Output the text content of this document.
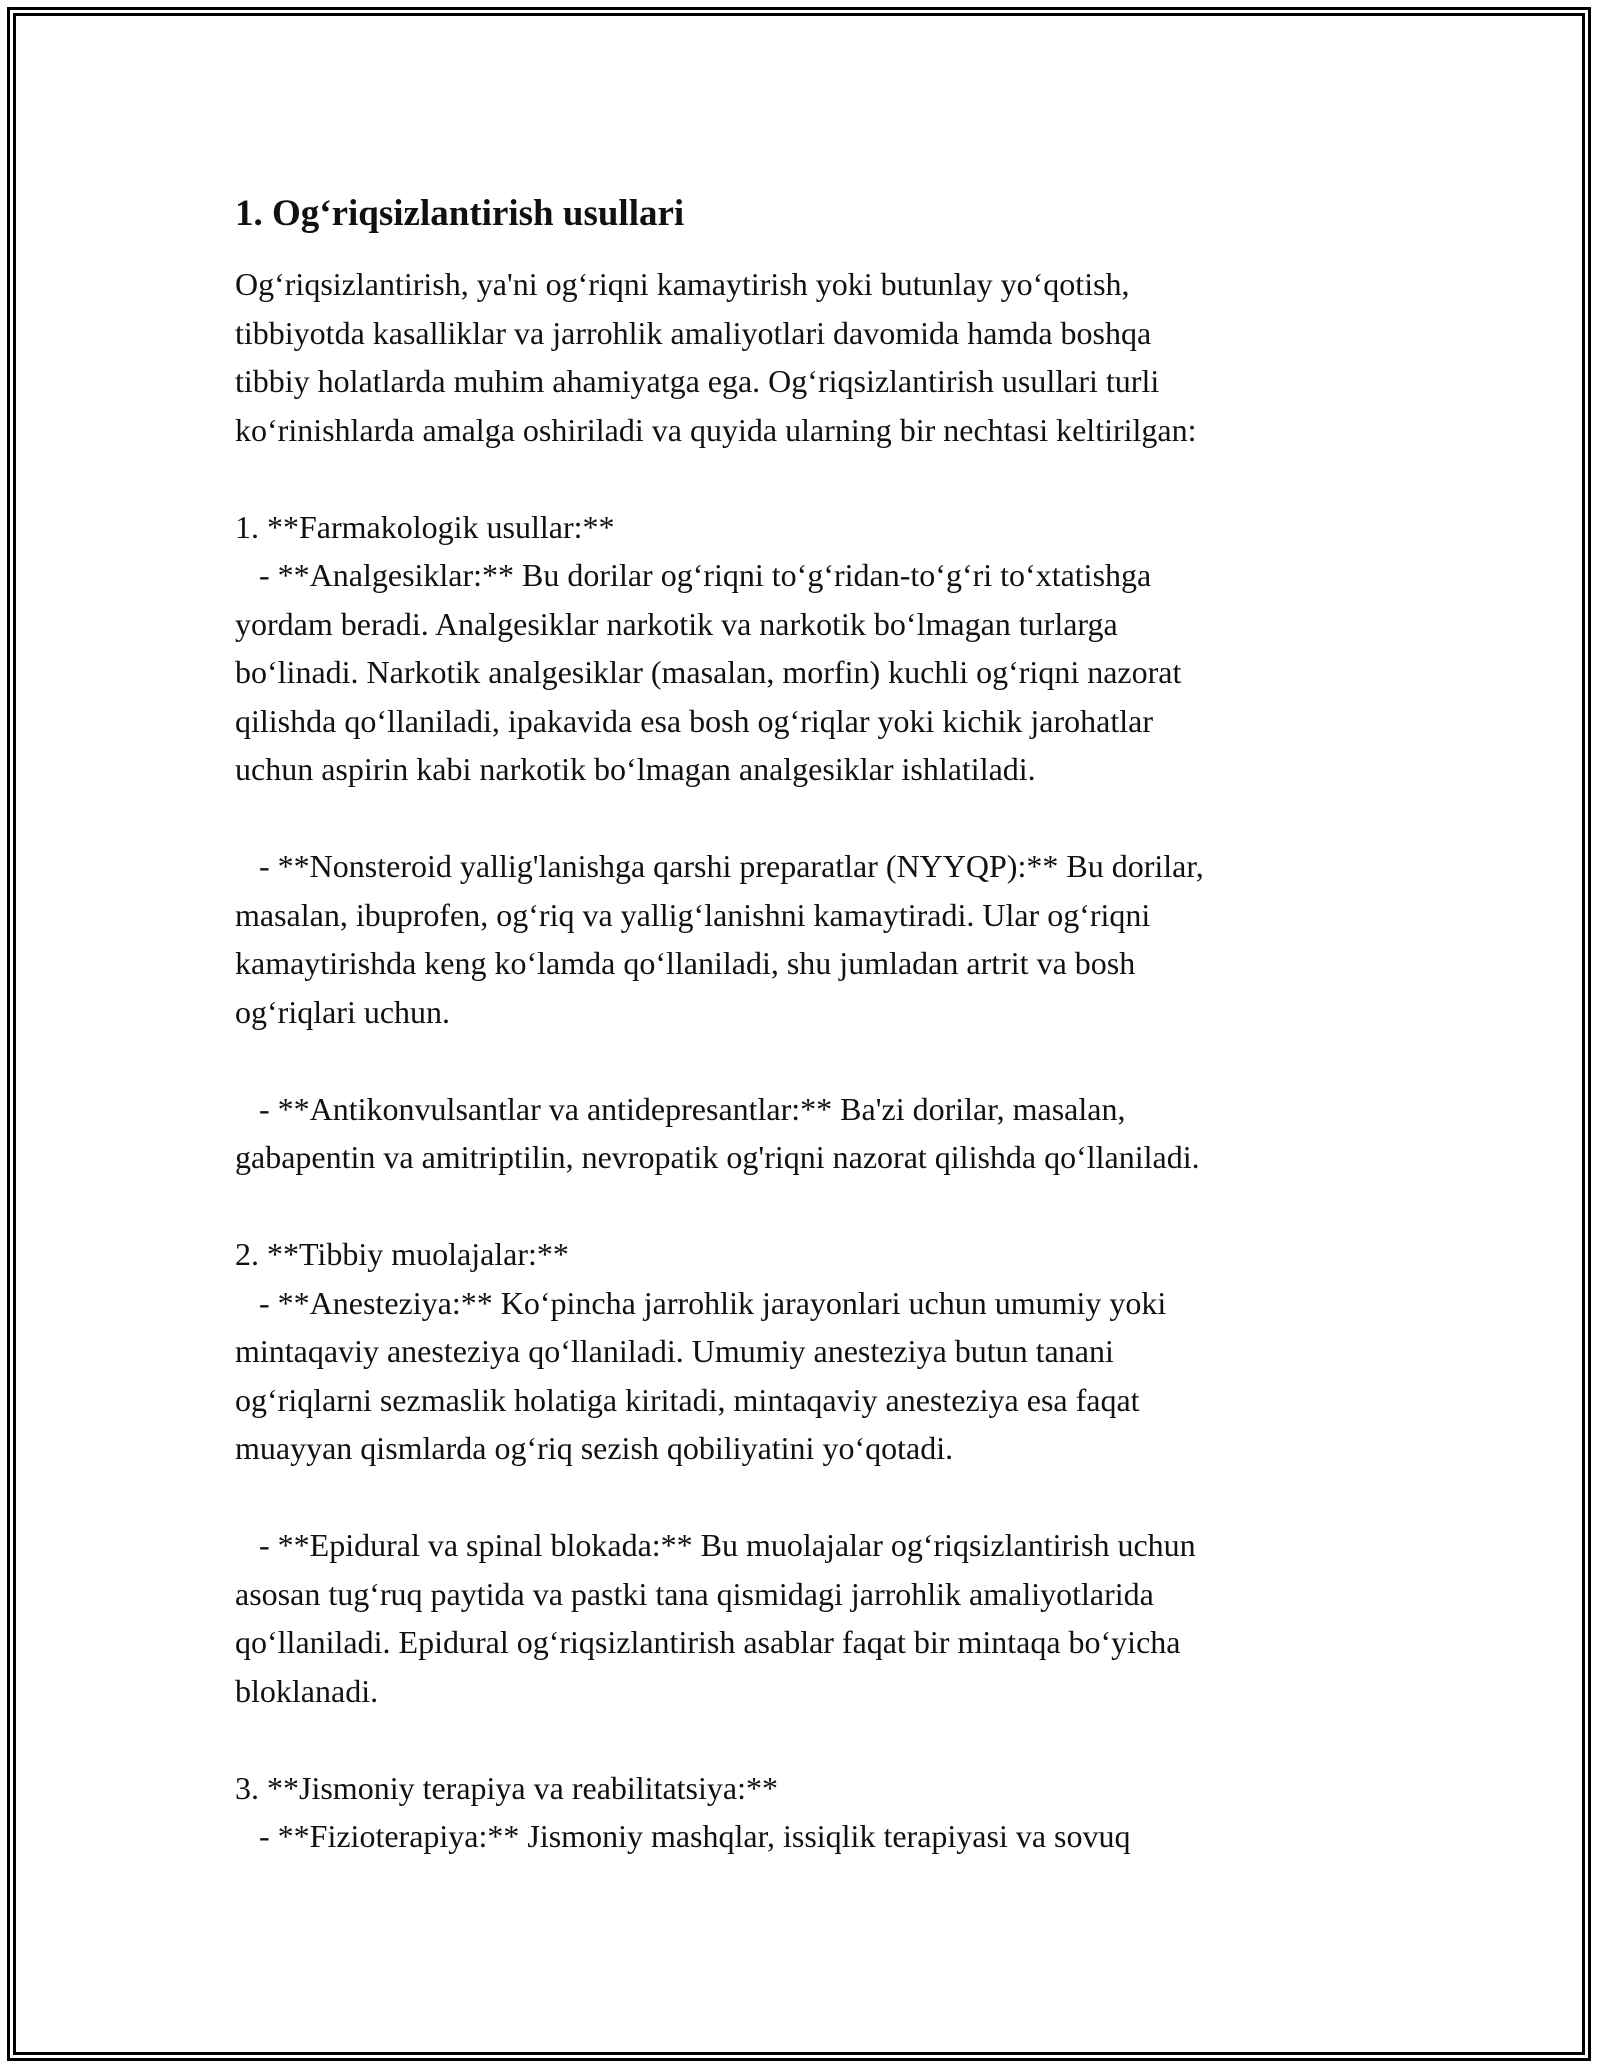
1. Og‘riqsizlantirish usullari

Og‘riqsizlantirish, ya'ni og‘riqni kamaytirish yoki butunlay yo‘qotish,
tibbiyotda kasalliklar va jarrohlik amaliyotlari davomida hamda boshqa
tibbiy holatlarda muhim ahamiyatga ega. Og‘riqsizlantirish usullari turli
ko‘rinishlarda amalga oshiriladi va quyida ularning bir nechtasi keltirilgan:

1. **Farmakologik usullar:**
- **Analgesiklar:** Bu dorilar og‘riqni to‘g‘ridan-to‘g‘ri to‘xtatishga
yordam beradi. Analgesiklar narkotik va narkotik bo‘lmagan turlarga
bo‘linadi. Narkotik analgesiklar (masalan, morfin) kuchli og‘riqni nazorat
qilishda qo‘llaniladi, ipakavida esa bosh og‘riqlar yoki kichik jarohatlar
uchun aspirin kabi narkotik bo‘lmagan analgesiklar ishlatiladi.

- **Nonsteroid yallig'lanishga qarshi preparatlar (NYYQP):** Bu dorilar,
masalan, ibuprofen, og‘riq va yallig‘lanishni kamaytiradi. Ular og‘riqni
kamaytirishda keng ko‘lamda qo‘llaniladi, shu jumladan artrit va bosh
og‘riqlari uchun.

- **Antikonvulsantlar va antidepresantlar:** Ba'zi dorilar, masalan,
gabapentin va amitriptilin, nevropatik og'riqni nazorat qilishda qo‘llaniladi.

2. **Tibbiy muolajalar:**
- **Anesteziya:** Ko‘pincha jarrohlik jarayonlari uchun umumiy yoki
mintaqaviy anesteziya qo‘llaniladi. Umumiy anesteziya butun tanani
og‘riqlarni sezmaslik holatiga kiritadi, mintaqaviy anesteziya esa faqat
muayyan qismlarda og‘riq sezish qobiliyatini yo‘qotadi.

- **Epidural va spinal blokada:** Bu muolajalar og‘riqsizlantirish uchun
asosan tug‘ruq paytida va pastki tana qismidagi jarrohlik amaliyotlarida
qo‘llaniladi. Epidural og‘riqsizlantirish asablar faqat bir mintaqa bo‘yicha
bloklanadi.

3. **Jismoniy terapiya va reabilitatsiya:**
- **Fizioterapiya:** Jismoniy mashqlar, issiqlik terapiyasi va sovuq
